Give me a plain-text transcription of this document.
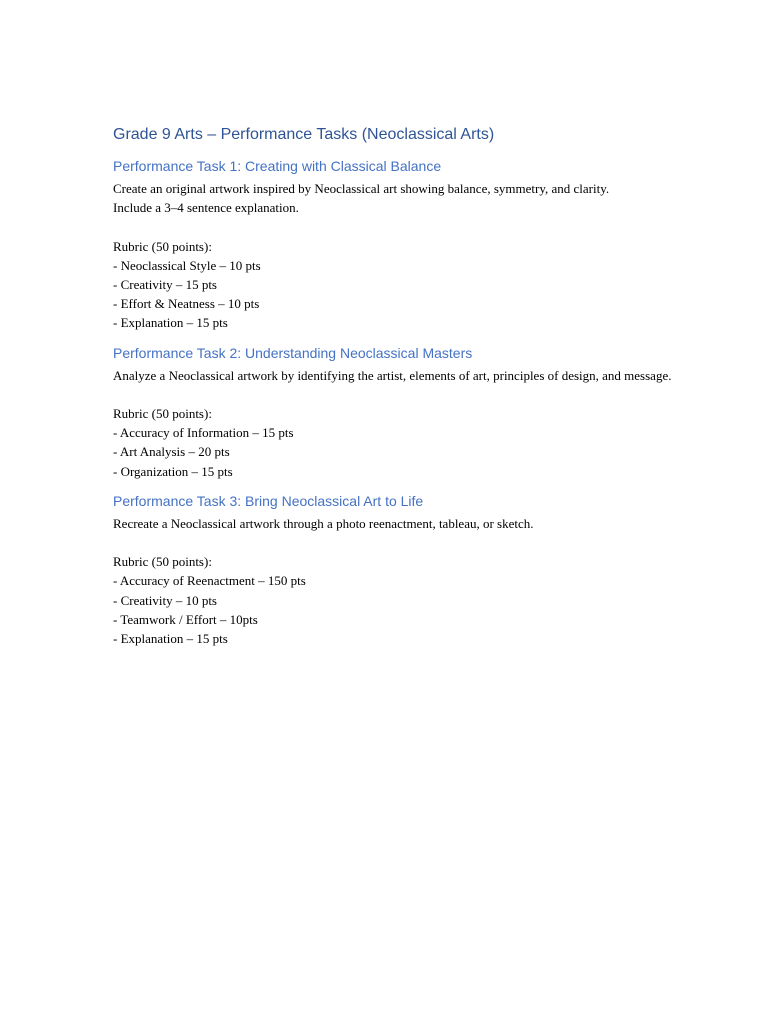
Grade 9 Arts – Performance Tasks (Neoclassical Arts)
Performance Task 1: Creating with Classical Balance

Create an original artwork inspired by Neoclassical art showing balance, symmetry, and clarity.

Include a 3–4 sentence explanation.

Rubric (50 points):

- Neoclassical Style – 10 pts

- Creativity – 15 pts

- Effort & Neatness – 10 pts

- Explanation – 15 pts

Performance Task 2: Understanding Neoclassical Masters

Analyze a Neoclassical artwork by identifying the artist, elements of art, principles of design, and message.

Rubric (50 points):

- Accuracy of Information – 15 pts

- Art Analysis – 20 pts

- Organization – 15 pts

Performance Task 3: Bring Neoclassical Art to Life

Recreate a Neoclassical artwork through a photo reenactment, tableau, or sketch.

Rubric (50 points):

- Accuracy of Reenactment – 150 pts

- Creativity – 10 pts

- Teamwork / Effort – 10pts

- Explanation – 15 pts
